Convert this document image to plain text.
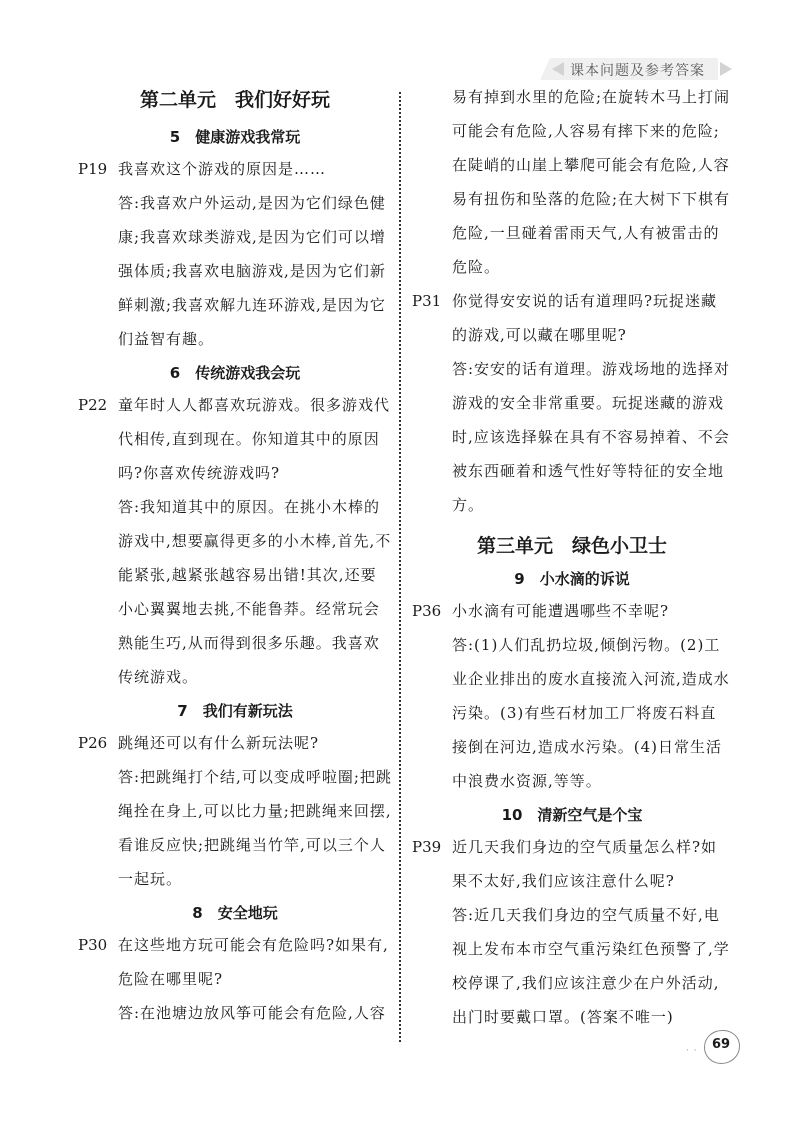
课本问题及参考答案
第二单元　我们好好玩
5　健康游戏我常玩
P19 我喜欢这个游戏的原因是……

答:我喜欢户外运动,是因为它们绿色健康;我喜欢球类游戏,是因为它们可以增强体质;我喜欢电脑游戏,是因为它们新鲜刺激;我喜欢解九连环游戏,是因为它们益智有趣。

6　传统游戏我会玩
P22 童年时人人都喜欢玩游戏。很多游戏代代相传,直到现在。你知道其中的原因吗?你喜欢传统游戏吗?

答:我知道其中的原因。在挑小木棒的游戏中,想要赢得更多的小木棒,首先,不能紧张,越紧张越容易出错!其次,还要小心翼翼地去挑,不能鲁莽。经常玩会熟能生巧,从而得到很多乐趣。我喜欢传统游戏。

7　我们有新玩法
P26 跳绳还可以有什么新玩法呢?

答:把跳绳打个结,可以变成呼啦圈;把跳绳拴在身上,可以比力量;把跳绳来回摆,看谁反应快;把跳绳当竹竿,可以三个人一起玩。

8　安全地玩
P30 在这些地方玩可能会有危险吗?如果有,危险在哪里呢?

答:在池塘边放风筝可能会有危险,人容

易有掉到水里的危险;在旋转木马上打闹可能会有危险,人容易有摔下来的危险;在陡峭的山崖上攀爬可能会有危险,人容易有扭伤和坠落的危险;在大树下下棋有危险,一旦碰着雷雨天气,人有被雷击的危险。

P31 你觉得安安说的话有道理吗?玩捉迷藏的游戏,可以藏在哪里呢?

答:安安的话有道理。游戏场地的选择对游戏的安全非常重要。玩捉迷藏的游戏时,应该选择躲在具有不容易掉着、不会被东西砸着和透气性好等特征的安全地方。

第三单元　绿色小卫士
9　小水滴的诉说
P36 小水滴有可能遭遇哪些不幸呢?

答:(1)人们乱扔垃圾,倾倒污物。(2)工业企业排出的废水直接流入河流,造成水污染。(3)有些石材加工厂将废石料直接倒在河边,造成水污染。(4)日常生活中浪费水资源,等等。

10　清新空气是个宝
P39 近几天我们身边的空气质量怎么样?如果不太好,我们应该注意什么呢?

答:近几天我们身边的空气质量不好,电视上发布本市空气重污染红色预警了,学校停课了,我们应该注意少在户外活动,出门时要戴口罩。(答案不唯一)

· ·	69
